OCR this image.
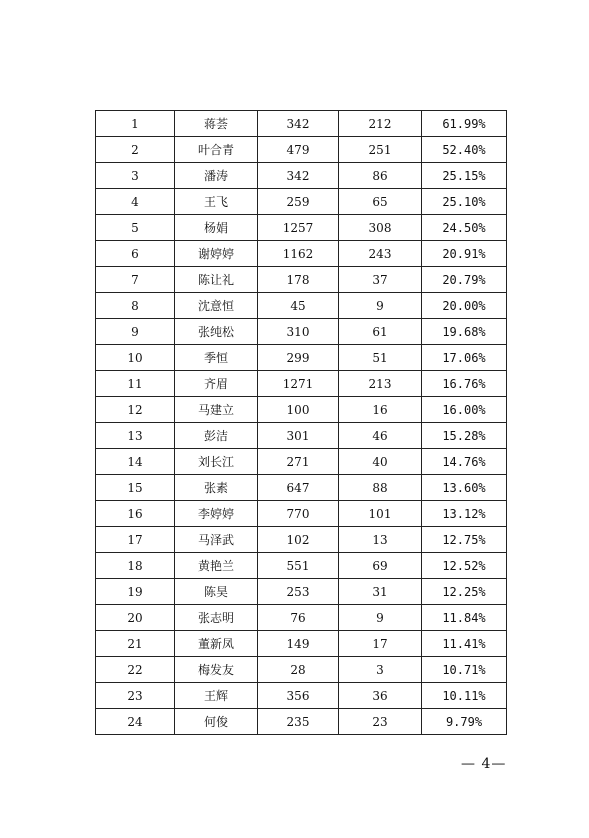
1	蒋荟	342	212	61.99%
2	叶合青	479	251	52.40%
3	潘涛	342	86	25.15%
4	王飞	259	65	25.10%
5	杨娟	1257	308	24.50%
6	谢婷婷	1162	243	20.91%
7	陈让礼	178	37	20.79%
8	沈意恒	45	9	20.00%
9	张纯松	310	61	19.68%
10	季恒	299	51	17.06%
11	齐眉	1271	213	16.76%
12	马建立	100	16	16.00%
13	彭洁	301	46	15.28%
14	刘长江	271	40	14.76%
15	张素	647	88	13.60%
16	李婷婷	770	101	13.12%
17	马泽武	102	13	12.75%
18	黄艳兰	551	69	12.52%
19	陈昊	253	31	12.25%
20	张志明	76	9	11.84%
21	董新凤	149	17	11.41%
22	梅发友	28	3	10.71%
23	王辉	356	36	10.11%
24	何俊	235	23	9.79%
— 4—
